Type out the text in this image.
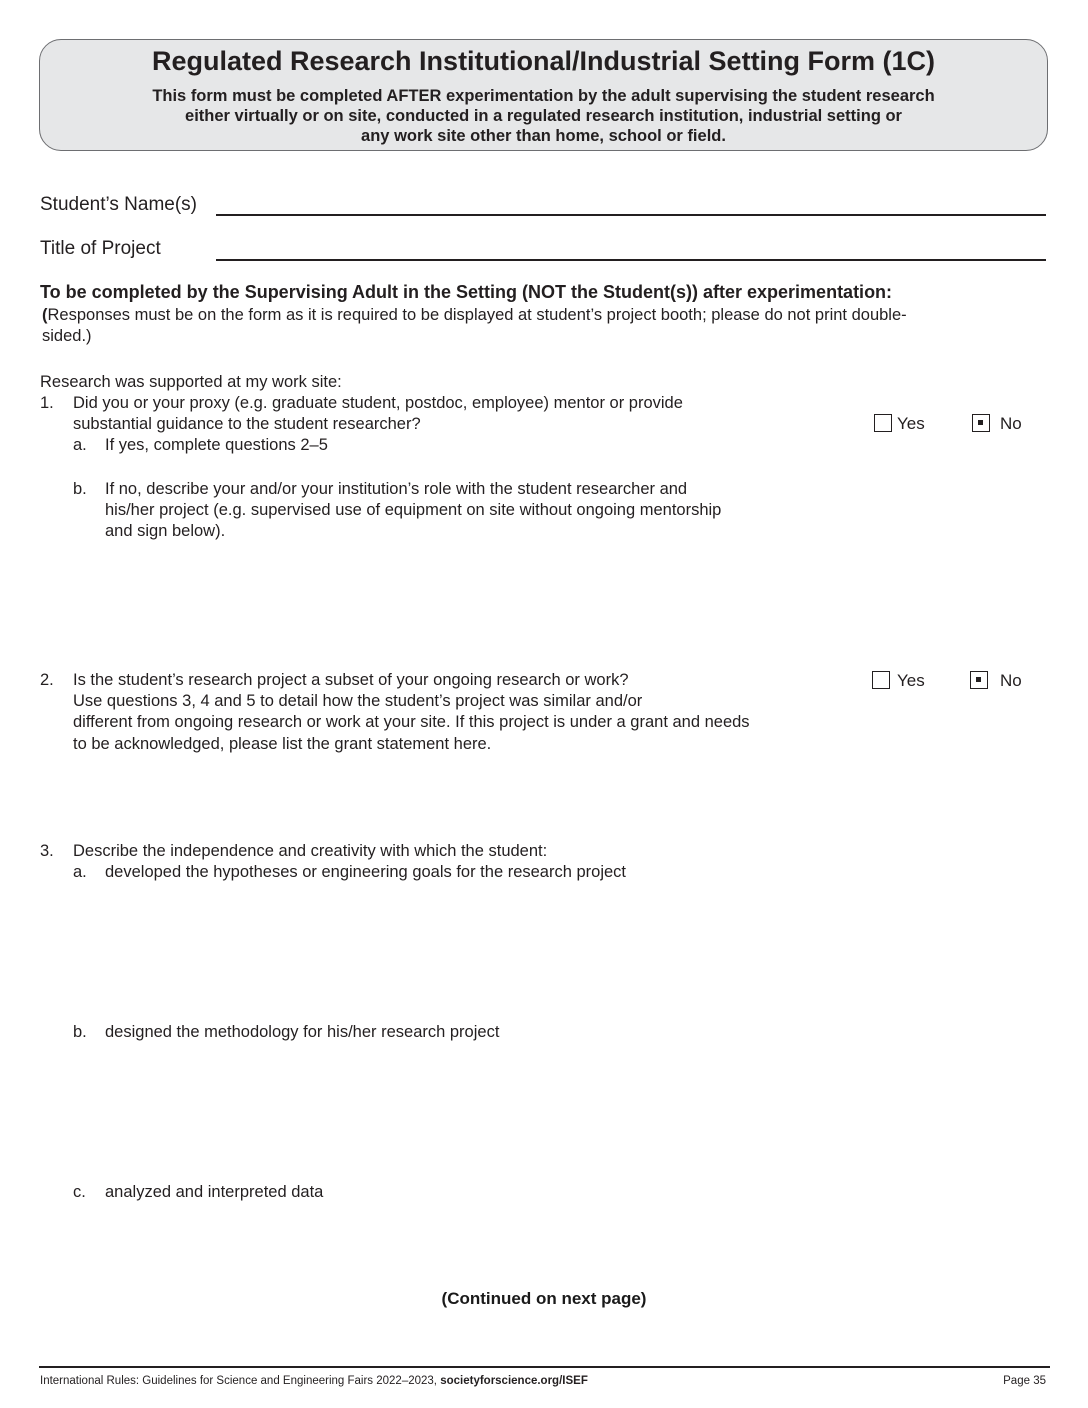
Regulated Research Institutional/Industrial Setting Form (1C)
This form must be completed AFTER experimentation by the adult supervising the student research
either virtually or on site, conducted in a regulated research institution, industrial setting or
any work site other than home, school or field.
Student’s Name(s)
Title of Project
To be completed by the Supervising Adult in the Setting (NOT the Student(s)) after experimentation:
(Responses must be on the form as it is required to be displayed at student’s project booth; please do not print double-
sided.)
Research was supported at my work site:
1. Did you or your proxy (e.g. graduate student, postdoc, employee) mentor or provide
substantial guidance to the student researcher?
a. If yes, complete questions 2–5
Yes	No
b. If no, describe your and/or your institution’s role with the student researcher and
his/her project (e.g. supervised use of equipment on site without ongoing mentorship
and sign below).
2. Is the student’s research project a subset of your ongoing research or work?
Use questions 3, 4 and 5 to detail how the student’s project was similar and/or
different from ongoing research or work at your site. If this project is under a grant and needs
to be acknowledged, please list the grant statement here.
Yes	No
3. Describe the independence and creativity with which the student:
a. developed the hypotheses or engineering goals for the research project
b. designed the methodology for his/her research project
c. analyzed and interpreted data
(Continued on next page)
International Rules: Guidelines for Science and Engineering Fairs 2022–2023, societyforscience.org/ISEF	Page 35
